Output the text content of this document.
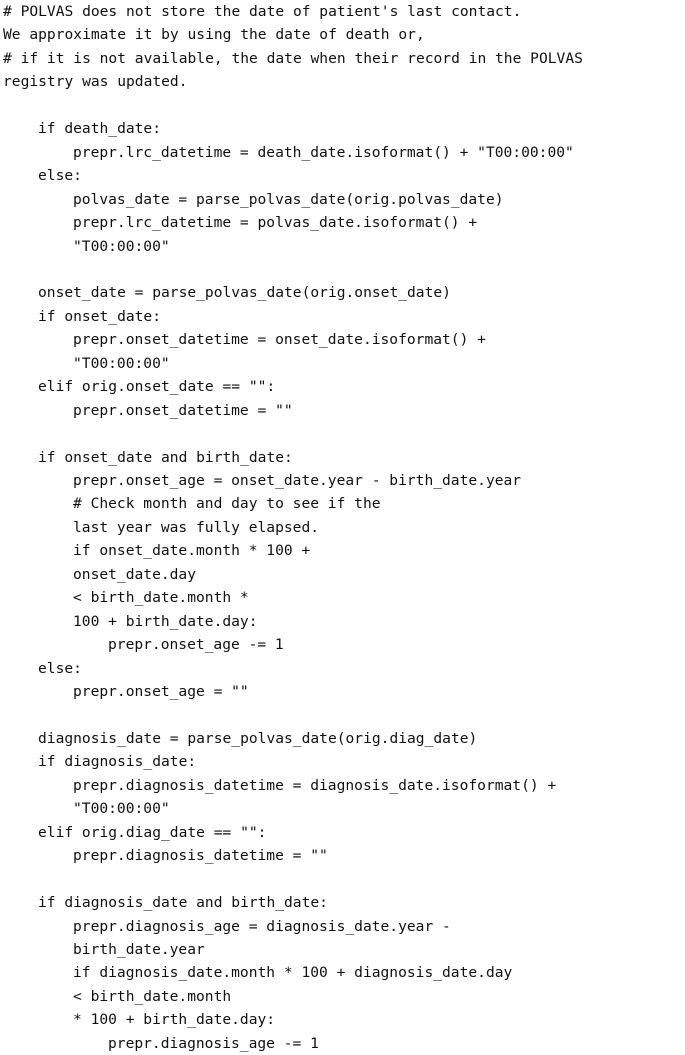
# POLVAS does not store the date of patient's last contact.
We approximate it by using the date of death or,
# if it is not available, the date when their record in the POLVAS
registry was updated.
if death_date:
prepr.lrc_datetime = death_date.isoformat() + "T00:00:00"
else:
polvas_date = parse_polvas_date(orig.polvas_date)
prepr.lrc_datetime = polvas_date.isoformat() +
"T00:00:00"
onset_date = parse_polvas_date(orig.onset_date)
if onset_date:
prepr.onset_datetime = onset_date.isoformat() +
"T00:00:00"
elif orig.onset_date == "":
prepr.onset_datetime = ""
if onset_date and birth_date:
prepr.onset_age = onset_date.year - birth_date.year
# Check month and day to see if the
last year was fully elapsed.
if onset_date.month * 100 +
onset_date.day
< birth_date.month *
100 + birth_date.day:
prepr.onset_age -= 1
else:
prepr.onset_age = ""
diagnosis_date = parse_polvas_date(orig.diag_date)
if diagnosis_date:
prepr.diagnosis_datetime = diagnosis_date.isoformat() +
"T00:00:00"
elif orig.diag_date == "":
prepr.diagnosis_datetime = ""
if diagnosis_date and birth_date:
prepr.diagnosis_age = diagnosis_date.year -
birth_date.year
if diagnosis_date.month * 100 + diagnosis_date.day
< birth_date.month
* 100 + birth_date.day:
prepr.diagnosis_age -= 1
